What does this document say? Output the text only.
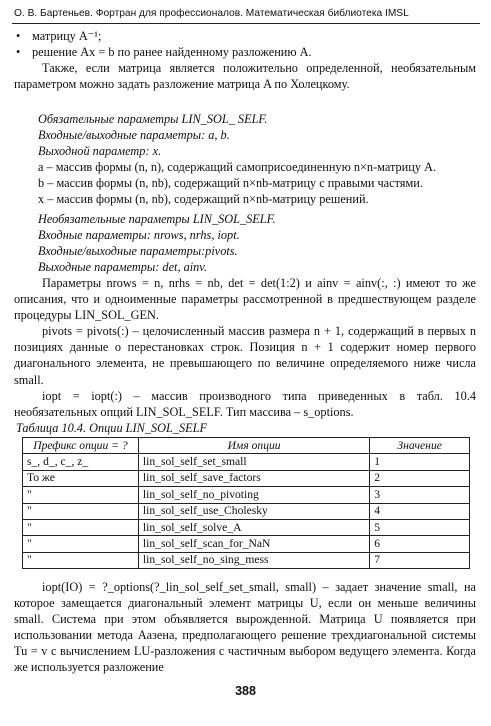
О. В. Бартеньев. Фортран для профессионалов. Математическая библиотека IMSL

• матрицу A⁻¹;

• решение Ax = b по ранее найденному разложению A.

Также, если матрица является положительно определенной, необязательным параметром можно задать разложение матрица A по Холецкому.

Обязательные параметры LIN_SOL_ SELF.

Входные/выходные параметры: a, b.

Выходной параметр: x.

a – массив формы (n, n), содержащий самоприсоединенную n×n-матрицу A.

b – массив формы (n, nb), содержащий n×nb-матрицу с правыми частями.

x – массив формы (n, nb), содержащий n×nb-матрицу решений.

Необязательные параметры LIN_SOL_SELF.

Входные параметры: nrows, nrhs, iopt.

Входные/выходные параметры:pivots.

Выходные параметры: det, ainv.

Параметры nrows = n, nrhs = nb, det = det(1:2) и ainv = ainv(:, :) имеют то же описания, что и одноименные параметры рассмотренной в предшествующем разделе процедуры LIN_SOL_GEN.

pivots = pivots(:) – целочисленный массив размера n + 1, содержащий в первых n позициях данные о перестановках строк. Позиция n + 1 содержит номер первого диагонального элемента, не превышающего по величине определяемого ниже числа small.

iopt = iopt(:) – массив производного типа приведенных в табл. 10.4 необязательных опций LIN_SOL_SELF. Тип массива – s_options.

Таблица 10.4. Опции LIN_SOL_SELF
Префикс опции = ?	Имя опции	Значение
s_, d_, c_, z_	lin_sol_self_set_small	1
То же	lin_sol_self_save_factors	2
"	lin_sol_self_no_pivoting	3
"	lin_sol_self_use_Cholesky	4
"	lin_sol_self_solve_A	5
"	lin_sol_self_scan_for_NaN	6
"	lin_sol_self_no_sing_mess	7

iopt(IO) = ?_options(?_lin_sol_self_set_small, small) – задает значение small, на которое замещается диагональный элемент матрицы U, если он меньше величины small. Система при этом объявляется вырожденной. Матрица U появляется при использовании метода Аазена, предполагающего решение трехдиагональной системы Tu = v с вычислением LU-разложения с частичным выбором ведущего элемента. Когда же используется разложение

388
